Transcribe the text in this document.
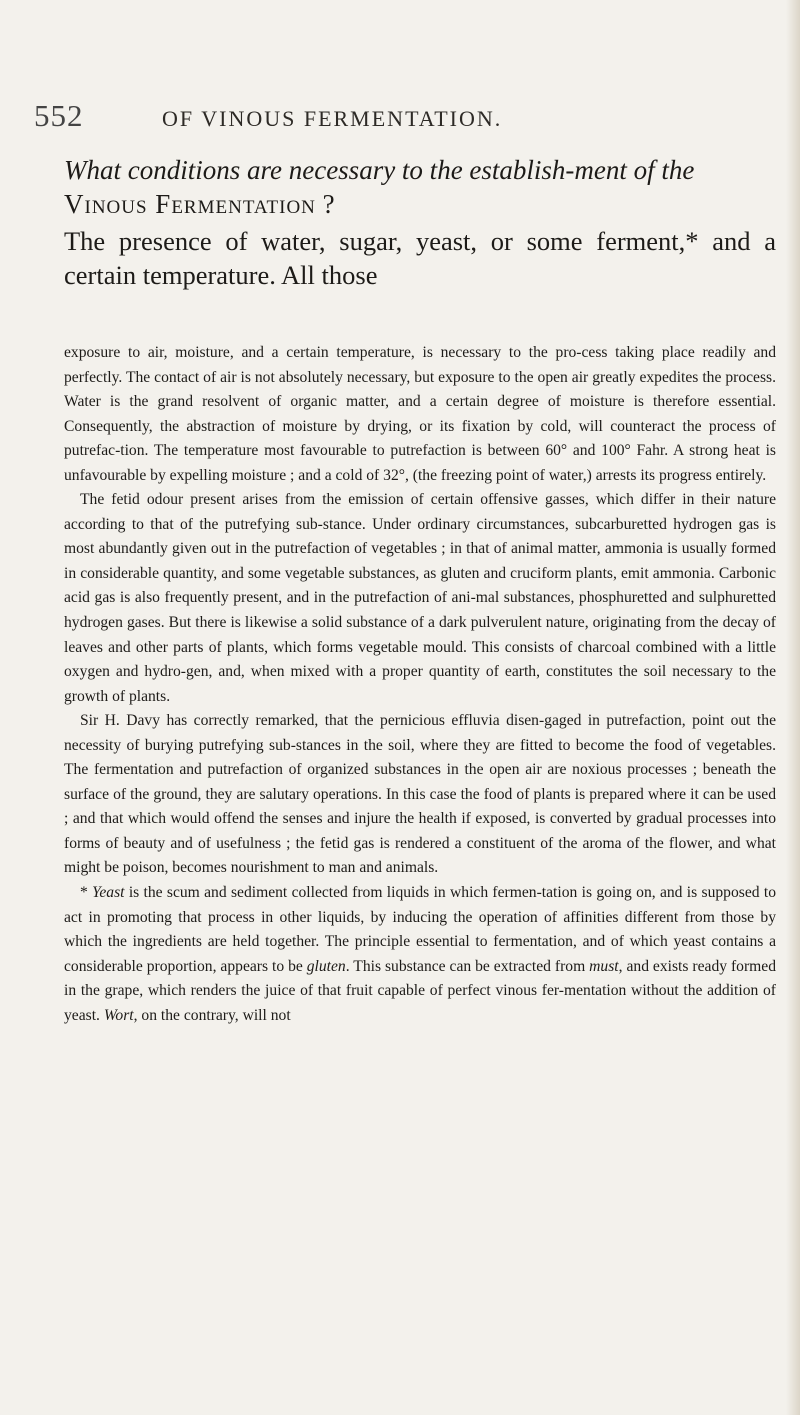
552	OF VINOUS FERMENTATION.

What conditions are necessary to the establish-ment of the Vinous Fermentation ?

The presence of water, sugar, yeast, or some ferment,* and a certain temperature. All those

exposure to air, moisture, and a certain temperature, is necessary to the pro-cess taking place readily and perfectly. The contact of air is not absolutely necessary, but exposure to the open air greatly expedites the process. Water is the grand resolvent of organic matter, and a certain degree of moisture is therefore essential. Consequently, the abstraction of moisture by drying, or its fixation by cold, will counteract the process of putrefac-tion. The temperature most favourable to putrefaction is between 60° and 100° Fahr. A strong heat is unfavourable by expelling moisture ; and a cold of 32°, (the freezing point of water,) arrests its progress entirely.

The fetid odour present arises from the emission of certain offensive gasses, which differ in their nature according to that of the putrefying sub-stance. Under ordinary circumstances, subcarburetted hydrogen gas is most abundantly given out in the putrefaction of vegetables ; in that of animal matter, ammonia is usually formed in considerable quantity, and some vegetable substances, as gluten and cruciform plants, emit ammonia. Carbonic acid gas is also frequently present, and in the putrefaction of ani-mal substances, phosphuretted and sulphuretted hydrogen gases. But there is likewise a solid substance of a dark pulverulent nature, originating from the decay of leaves and other parts of plants, which forms vegetable mould. This consists of charcoal combined with a little oxygen and hydro-gen, and, when mixed with a proper quantity of earth, constitutes the soil necessary to the growth of plants.

Sir H. Davy has correctly remarked, that the pernicious effluvia disen-gaged in putrefaction, point out the necessity of burying putrefying sub-stances in the soil, where they are fitted to become the food of vegetables. The fermentation and putrefaction of organized substances in the open air are noxious processes ; beneath the surface of the ground, they are salutary operations. In this case the food of plants is prepared where it can be used ; and that which would offend the senses and injure the health if exposed, is converted by gradual processes into forms of beauty and of usefulness ; the fetid gas is rendered a constituent of the aroma of the flower, and what might be poison, becomes nourishment to man and animals.

* Yeast is the scum and sediment collected from liquids in which fermen-tation is going on, and is supposed to act in promoting that process in other liquids, by inducing the operation of affinities different from those by which the ingredients are held together. The principle essential to fermentation, and of which yeast contains a considerable proportion, appears to be gluten. This substance can be extracted from must, and exists ready formed in the grape, which renders the juice of that fruit capable of perfect vinous fer-mentation without the addition of yeast. Wort, on the contrary, will not
